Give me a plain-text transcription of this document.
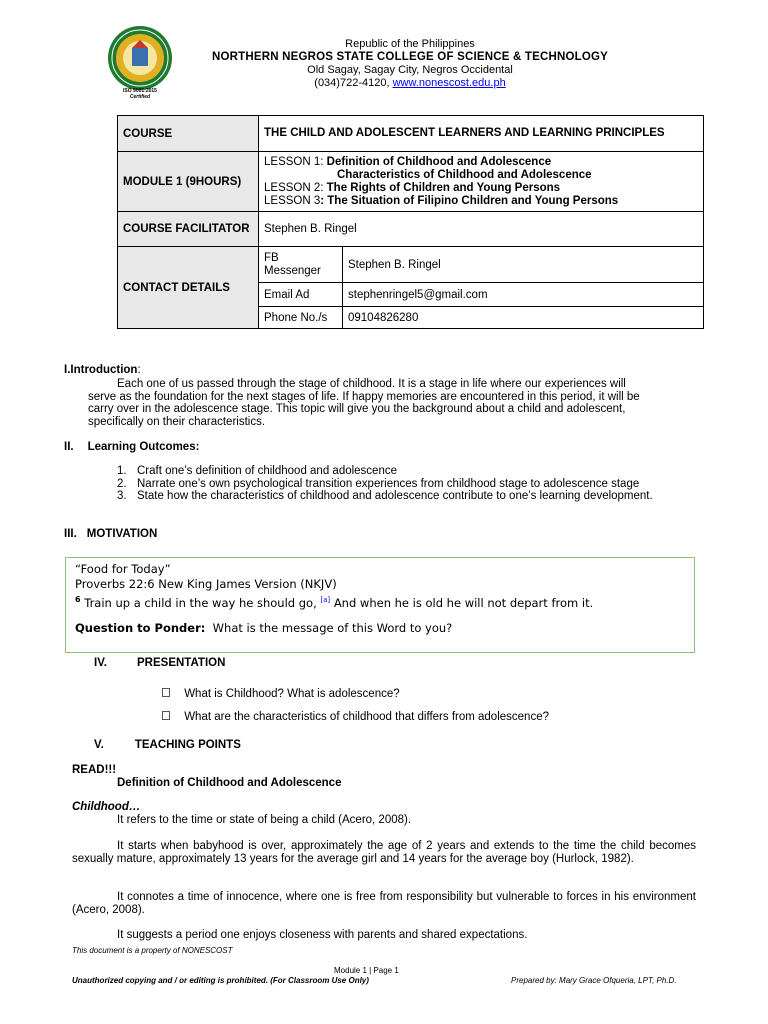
ISO 9001:2015
Certified
Republic of the Philippines
NORTHERN NEGROS STATE COLLEGE OF SCIENCE & TECHNOLOGY
Old Sagay, Sagay City, Negros Occidental
(034)722-4120, www.nonescost.edu.ph
COURSE	THE CHILD AND ADOLESCENT LEARNERS AND LEARNING PRINCIPLES	
MODULE 1 (9HOURS)	LESSON 1: Definition of Childhood and Adolescence
Characteristics of Childhood and Adolescence
LESSON 2: The Rights of Children and Young Persons
LESSON 3: The Situation of Filipino Children and Young Persons	

COURSE FACILITATOR	Stephen B. Ringel	
CONTACT DETAILS	FB Messenger	Stephen B. Ringel
	Email Ad	stephenringel5@gmail.com
	Phone No./s	09104826280
I.Introduction:
Each one of us passed through the stage of childhood. It is a stage in life where our experiences will
serve as the foundation for the next stages of life. If happy memories are encountered in this period, it will be
carry over in the adolescence stage. This topic will give you the background about a child and adolescent,
specifically on their characteristics.
II. Learning Outcomes:
1. Craft one’s definition of childhood and adolescence
2. Narrate one’s own psychological transition experiences from childhood stage to adolescence stage
3. State how the characteristics of childhood and adolescence contribute to one’s learning development.
III. MOTIVATION
“Food for Today”
Proverbs 22:6 New King James Version (NKJV)
$^6$ Train up a child in the way he should go, [a] And when he is old he will not depart from it.
Question to Ponder: What is the message of this Word to you?
IV.	PRESENTATION
What is Childhood? What is adolescence?
What are the characteristics of childhood that differs from adolescence?
V.	TEACHING POINTS
READ!!!
Definition of Childhood and Adolescence
Childhood…
It refers to the time or state of being a child (Acero, 2008).
It starts when babyhood is over, approximately the age of 2 years and extends to the time the child becomes sexually mature, approximately 13 years for the average girl and 14 years for the average boy (Hurlock, 1982).
It connotes a time of innocence, where one is free from responsibility but vulnerable to forces in his environment (Acero, 2008).
It suggests a period one enjoys closeness with parents and shared expectations.
This document is a property of NONESCOST
Module 1 | Page 1
Unauthorized copying and / or editing is prohibited. (For Classroom Use Only)	Prepared by: Mary Grace Ofqueria, LPT, Ph.D.
